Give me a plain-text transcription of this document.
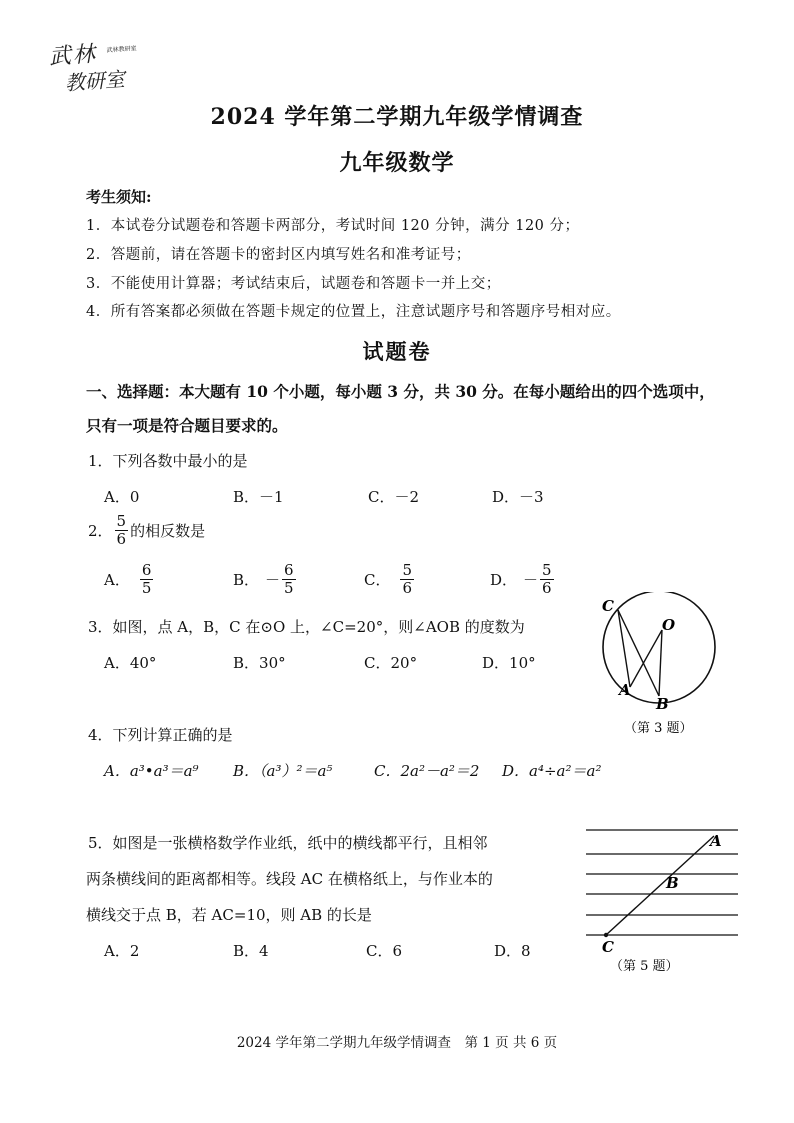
武林
教研室
武林教研室
2024 学年第二学期九年级学情调查
九年级数学
考生须知:
1．本试卷分试题卷和答题卡两部分，考试时间 120 分钟，满分 120 分；
2．答题前，请在答题卡的密封区内填写姓名和准考证号；
3．不能使用计算器；考试结束后，试题卷和答题卡一并上交；
4．所有答案都必须做在答题卡规定的位置上，注意试题序号和答题序号相对应。
试题卷
一、选择题：本大题有 10 个小题，每小题 3 分，共 30 分。在每小题给出的四个选项中，
只有一项是符合题目要求的。
1．下列各数中最小的是
A．0	B．－1	C．－2	D．－3
2． $\frac{5}{6}$ 的相反数是
A． $\frac{6}{5}$	B． － $\frac{6}{5}$	C． $\frac{5}{6}$	D． － $\frac{5}{6}$
3．如图，点 A，B，C 在⊙O 上，∠C=20°，则∠AOB 的度数为
A．40°	B．30°	C．20°	D．10°
C
O
A
B
（第 3 题）
4．下列计算正确的是
A．a³•a³＝a⁹ B．（a³）²＝a⁵	C．2a²－a²＝2 D．a⁴÷a²＝a²
5．如图是一张横格数学作业纸，纸中的横线都平行，且相邻
两条横线间的距离都相等。线段 AC 在横格纸上，与作业本的
横线交于点 B，若 AC=10，则 AB 的长是
A．2	B．4	C．6	D．8
A
B
C
（第 5 题）
2024 学年第二学期九年级学情调查　第 1 页 共 6 页
